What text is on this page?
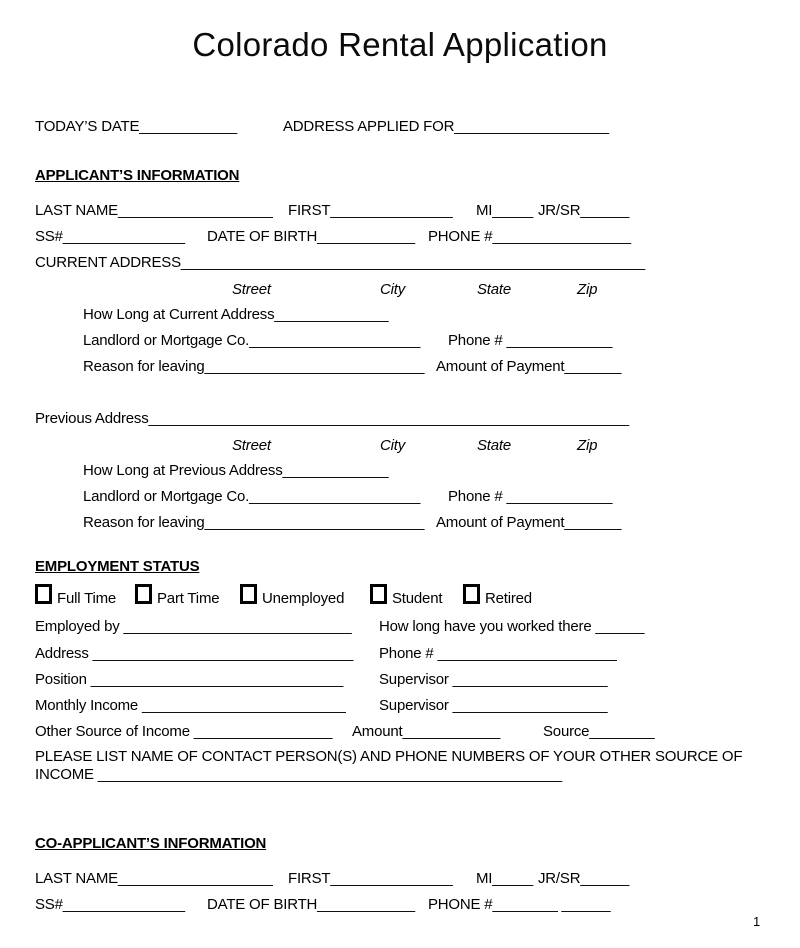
Colorado Rental Application
TODAY’S DATE____________	ADDRESS APPLIED FOR___________________
APPLICANT’S INFORMATION
LAST NAME___________________ FIRST_______________ MI_____ JR/SR______
SS#_______________ DATE OF BIRTH____________ PHONE #_________________
CURRENT ADDRESS_________________________________________________________
Street	City	State	Zip
How Long at Current Address______________
Landlord or Mortgage Co._____________________ Phone # _____________
Reason for leaving___________________________ Amount of Payment_______
Previous Address___________________________________________________________
Street	City	State	Zip
How Long at Previous Address_____________
Landlord or Mortgage Co._____________________ Phone # _____________
Reason for leaving___________________________ Amount of Payment_______
EMPLOYMENT STATUS
Full Time	Part Time	Unemployed	Student	Retired
Employed by ____________________________ How long have you worked there ______
Address ________________________________ Phone # ______________________
Position _______________________________ Supervisor ___________________
Monthly Income _________________________ Supervisor ___________________
Other Source of Income _________________ Amount____________	Source________
PLEASE LIST NAME OF CONTACT PERSON(S) AND PHONE NUMBERS OF YOUR OTHER SOURCE OF
INCOME _________________________________________________________
CO-APPLICANT’S INFORMATION
LAST NAME___________________ FIRST_______________ MI_____ JR/SR______
SS#_______________ DATE OF BIRTH____________ PHONE #________ ______
1
